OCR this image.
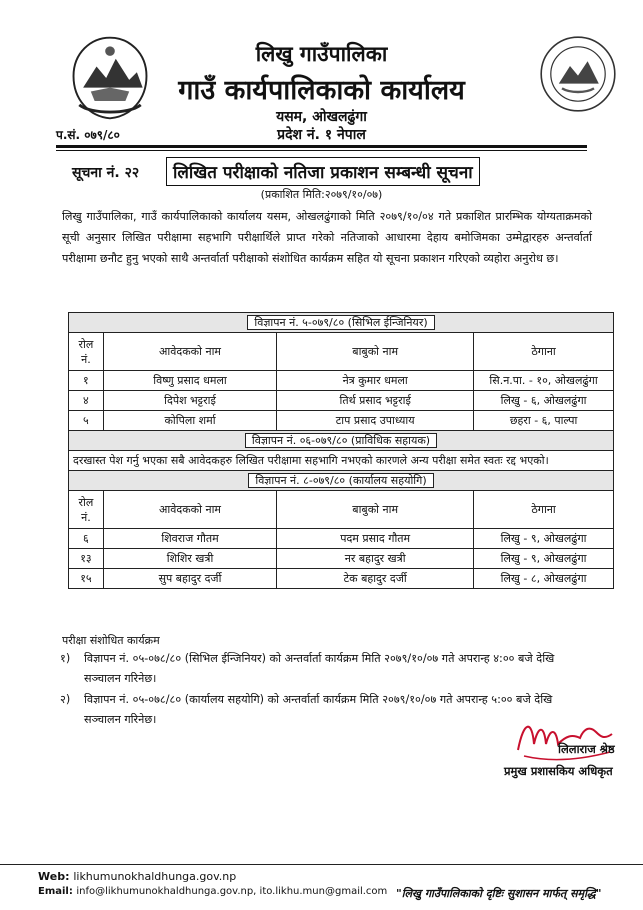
लिखु गाउँपालिका
गाउँ कार्यपालिकाको कार्यालय
यसम, ओखलढुंगा
प्रदेश नं. १ नेपाल
प.सं. ०७९/८०
सूचना नं. २२	लिखित परीक्षाको नतिजा प्रकाशन सम्बन्धी सूचना
(प्रकाशित मिति:२०७९/१०/०७)
लिखु गाउँपालिका, गाउँ कार्यपालिकाको कार्यालय यसम, ओखलढुंगाको मिति २०७९/१०/०४ गते प्रकाशित प्रारम्भिक योग्यताक्रमको सूची अनुसार लिखित परीक्षामा सहभागि परीक्षार्थिले प्राप्त गरेको नतिजाको आधारमा देहाय बमोजिमका उम्मेद्वारहरु अन्तर्वार्ता परीक्षामा छनौट हुनु भएको साथै अन्तर्वार्ता परीक्षाको संशोधित कार्यक्रम सहित यो सूचना प्रकाशन गरिएको व्यहोरा अनुरोध छ।
विज्ञापन नं. ५-०७९/८० (सिभिल ईन्जिनियर)			
रोल नं.	आवेदकको नाम	बाबुको नाम	ठेगाना
१	विष्णु प्रसाद धमला	नेत्र कुमार धमला	सि.न.पा. - १०, ओखलढुंगा
४	दिपेश भट्टराई	तिर्थ प्रसाद भट्टराई	लिखु - ६, ओखलढुंगा
५	कोपिला शर्मा	टाप प्रसाद उपाध्याय	छहरा - ६, पाल्पा
विज्ञापन नं. ०६-०७९/८० (प्राविधिक सहायक)			
दरखास्त पेश गर्नु भएका सबै आवेदकहरु लिखित परीक्षामा सहभागि नभएको कारणले अन्य परीक्षा समेत स्वतः रद्द भएको।			
विज्ञापन नं. ८-०७९/८० (कार्यालय सहयोगि)			
रोल नं.	आवेदकको नाम	बाबुको नाम	ठेगाना
६	शिवराज गौतम	पदम प्रसाद गौतम	लिखु - ९, ओखलढुंगा
१३	शिशिर खत्री	नर बहादुर खत्री	लिखु - ९, ओखलढुंगा
१५	सुप बहादुर दर्जी	टेक बहादुर दर्जी	लिखु - ८, ओखलढुंगा
परीक्षा संशोधित कार्यक्रम
१)	विज्ञापन नं. ०५-०७८/८० (सिभिल ईन्जिनियर) को अन्तर्वार्ता कार्यक्रम मिति २०७९/१०/०७ गते अपरान्ह ४:०० बजे देखि सञ्चालन गरिनेछ।
२)	विज्ञापन नं. ०५-०७८/८० (कार्यालय सहयोगि) को अन्तर्वार्ता कार्यक्रम मिति २०७९/१०/०७ गते अपरान्ह ५:०० बजे देखि सञ्चालन गरिनेछ।
लिलाराज श्रेष्ठ
प्रमुख प्रशासकिय अधिकृत
Web: likhumunokhaldhunga.gov.np
Email: info@likhumunokhaldhunga.gov.np, ito.likhu.mun@gmail.com "लिखु गाउँपालिकाको दृष्टिः सुशासन मार्फत् समृद्धि"
